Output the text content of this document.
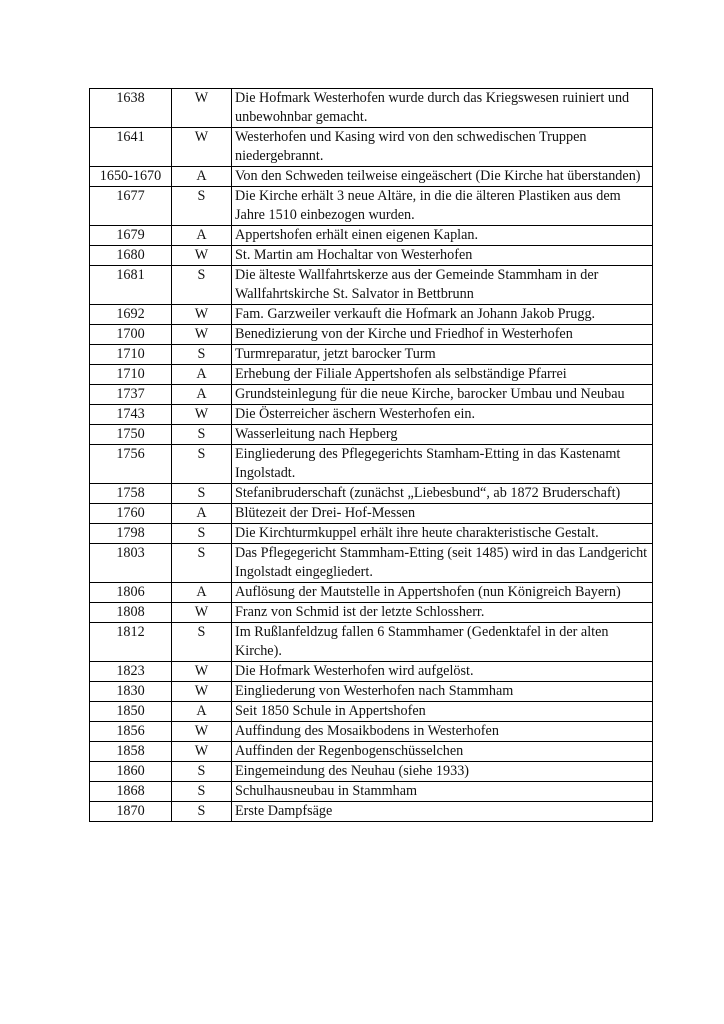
1638	W	Die Hofmark Westerhofen wurde durch das Kriegswesen ruiniert und unbewohnbar gemacht.
1641	W	Westerhofen und Kasing wird von den schwedischen Truppen niedergebrannt.
1650-1670	A	Von den Schweden teilweise eingeäschert (Die Kirche hat überstanden)
1677	S	Die Kirche erhält 3 neue Altäre, in die die älteren Plastiken aus dem Jahre 1510 einbezogen wurden.
1679	A	Appertshofen erhält einen eigenen Kaplan.
1680	W	St. Martin am Hochaltar von Westerhofen
1681	S	Die älteste Wallfahrtskerze aus der Gemeinde Stammham in der Wallfahrtskirche St. Salvator in Bettbrunn
1692	W	Fam. Garzweiler verkauft die Hofmark an Johann Jakob Prugg.
1700	W	Benedizierung von der Kirche und Friedhof in Westerhofen
1710	S	Turmreparatur, jetzt barocker Turm
1710	A	Erhebung der Filiale Appertshofen als selbständige Pfarrei
1737	A	Grundsteinlegung für die neue Kirche, barocker Umbau und Neubau
1743	W	Die Österreicher äschern Westerhofen ein.
1750	S	Wasserleitung nach Hepberg
1756	S	Eingliederung des Pflegegerichts Stamham-Etting in das Kastenamt Ingolstadt.
1758	S	Stefanibruderschaft (zunächst „Liebesbund“, ab 1872 Bruderschaft)
1760	A	Blütezeit der Drei- Hof-Messen
1798	S	Die Kirchturmkuppel erhält ihre heute charakteristische Gestalt.
1803	S	Das Pflegegericht Stammham-Etting (seit 1485) wird in das Landgericht Ingolstadt eingegliedert.
1806	A	Auflösung der Mautstelle in Appertshofen (nun Königreich Bayern)
1808	W	Franz von Schmid ist der letzte Schlossherr.
1812	S	Im Rußlanfeldzug fallen 6 Stammhamer (Gedenktafel in der alten Kirche).
1823	W	Die Hofmark Westerhofen wird aufgelöst.
1830	W	Eingliederung von Westerhofen nach Stammham
1850	A	Seit 1850 Schule in Appertshofen
1856	W	Auffindung des Mosaikbodens in Westerhofen
1858	W	Auffinden der Regenbogenschüsselchen
1860	S	Eingemeindung des Neuhau (siehe 1933)
1868	S	Schulhausneubau in Stammham
1870	S	Erste Dampfsäge
